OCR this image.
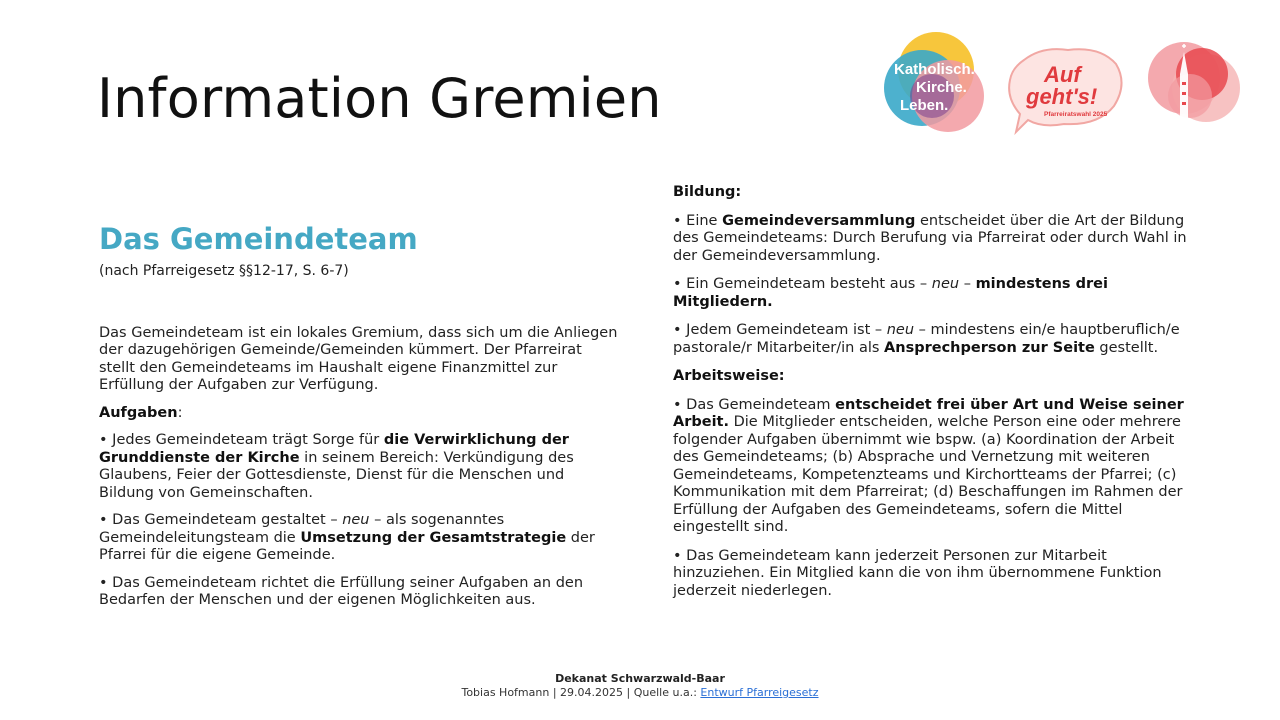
Information Gremien	Katholisch.
Kirche.
Leben.
Auf
geht's!
Pfarreiratswahl 2025
Das Gemeindeteam

(nach Pfarreigesetz §§12-17, S. 6-7)

Das Gemeindeteam ist ein lokales Gremium, dass sich um die Anliegen der dazugehörigen Gemeinde/Gemeinden kümmert. Der Pfarreirat stellt den Gemeindeteams im Haushalt eigene Finanzmittel zur Erfüllung der Aufgaben zur Verfügung.

Aufgaben:

• Jedes Gemeindeteam trägt Sorge für die Verwirklichung der Grunddienste der Kirche in seinem Bereich: Verkündigung des Glaubens, Feier der Gottesdienste, Dienst für die Menschen und Bildung von Gemeinschaften.

• Das Gemeindeteam gestaltet – neu – als sogenanntes Gemeindeleitungsteam die Umsetzung der Gesamtstrategie der Pfarrei für die eigene Gemeinde.

• Das Gemeindeteam richtet die Erfüllung seiner Aufgaben an den Bedarfen der Menschen und der eigenen Möglichkeiten aus.

Bildung:

• Eine Gemeindeversammlung entscheidet über die Art der Bildung des Gemeindeteams: Durch Berufung via Pfarreirat oder durch Wahl in der Gemeindeversammlung.

• Ein Gemeindeteam besteht aus – neu – mindestens drei Mitgliedern.

• Jedem Gemeindeteam ist – neu – mindestens ein/e hauptberuflich/e pastorale/r Mitarbeiter/in als Ansprechperson zur Seite gestellt.

Arbeitsweise:

• Das Gemeindeteam entscheidet frei über Art und Weise seiner Arbeit. Die Mitglieder entscheiden, welche Person eine oder mehrere folgender Aufgaben übernimmt wie bspw. (a) Koordination der Arbeit des Gemeindeteams; (b) Absprache und Vernetzung mit weiteren Gemeindeteams, Kompetenzteams und Kirchortteams der Pfarrei; (c) Kommunikation mit dem Pfarreirat; (d) Beschaffungen im Rahmen der Erfüllung der Aufgaben des Gemeindeteams, sofern die Mittel eingestellt sind.

• Das Gemeindeteam kann jederzeit Personen zur Mitarbeit hinzuziehen. Ein Mitglied kann die von ihm übernommene Funktion jederzeit niederlegen.

Dekanat Schwarzwald-Baar
Tobias Hofmann | 29.04.2025 | Quelle u.a.: Entwurf Pfarreigesetz
